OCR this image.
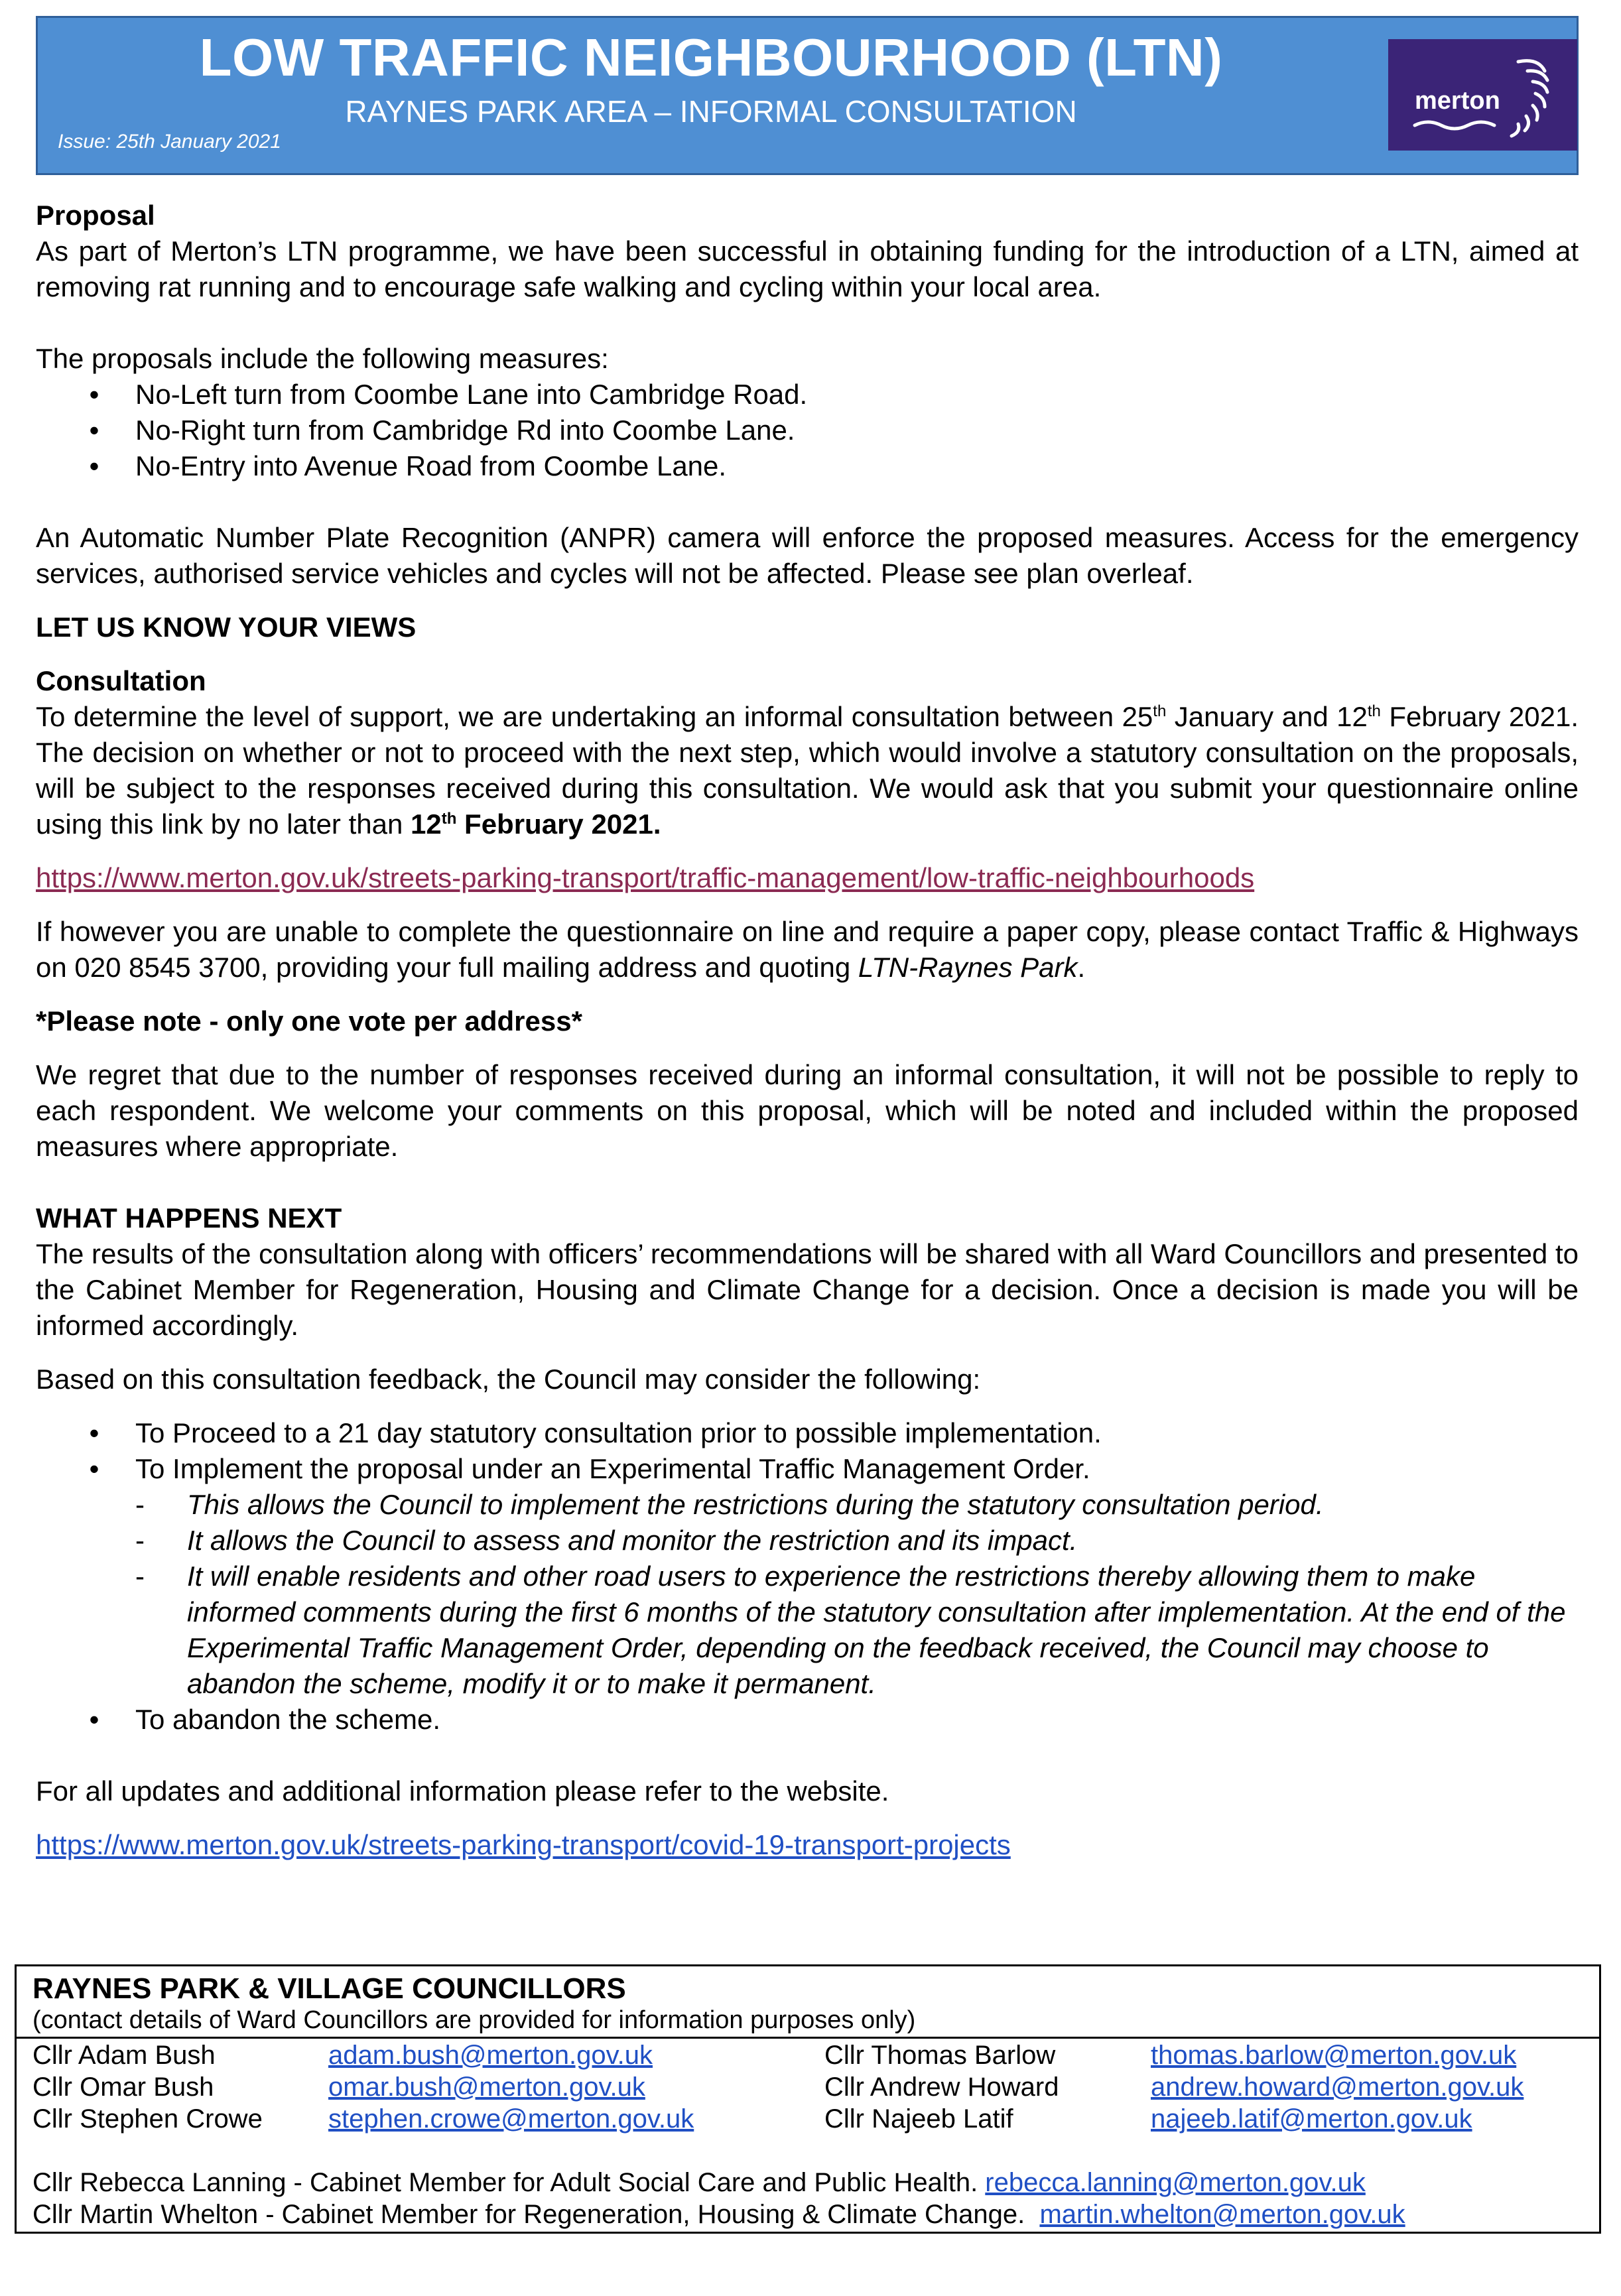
LOW TRAFFIC NEIGHBOURHOOD (LTN)
RAYNES PARK AREA – INFORMAL CONSULTATION
Issue: 25th January 2021
merton

Proposal

As part of Merton’s LTN programme, we have been successful in obtaining funding for the introduction of a LTN, aimed at removing rat running and to encourage safe walking and cycling within your local area.

The proposals include the following measures:

• No-Left turn from Coombe Lane into Cambridge Road.
• No-Right turn from Cambridge Rd into Coombe Lane.
• No-Entry into Avenue Road from Coombe Lane.

An Automatic Number Plate Recognition (ANPR) camera will enforce the proposed measures. Access for the emergency services, authorised service vehicles and cycles will not be affected. Please see plan overleaf.

LET US KNOW YOUR VIEWS

Consultation

To determine the level of support, we are undertaking an informal consultation between 25th January and 12th February 2021. The decision on whether or not to proceed with the next step, which would involve a statutory consultation on the proposals, will be subject to the responses received during this consultation. We would ask that you submit your questionnaire online using this link by no later than 12th February 2021.

https://www.merton.gov.uk/streets-parking-transport/traffic-management/low-traffic-neighbourhoods

If however you are unable to complete the questionnaire on line and require a paper copy, please contact Traffic & Highways on 020 8545 3700, providing your full mailing address and quoting LTN-Raynes Park.

*Please note - only one vote per address*

We regret that due to the number of responses received during an informal consultation, it will not be possible to reply to each respondent. We welcome your comments on this proposal, which will be noted and included within the proposed measures where appropriate.

WHAT HAPPENS NEXT

The results of the consultation along with officers’ recommendations will be shared with all Ward Councillors and presented to the Cabinet Member for Regeneration, Housing and Climate Change for a decision. Once a decision is made you will be informed accordingly.

Based on this consultation feedback, the Council may consider the following:

• To Proceed to a 21 day statutory consultation prior to possible implementation.
• To Implement the proposal under an Experimental Traffic Management Order.
- This allows the Council to implement the restrictions during the statutory consultation period.
- It allows the Council to assess and monitor the restriction and its impact.
- It will enable residents and other road users to experience the restrictions thereby allowing them to make informed comments during the first 6 months of the statutory consultation after implementation. At the end of the Experimental Traffic Management Order, depending on the feedback received, the Council may choose to abandon the scheme, modify it or to make it permanent.
• To abandon the scheme.

For all updates and additional information please refer to the website.

https://www.merton.gov.uk/streets-parking-transport/covid-19-transport-projects

RAYNES PARK & VILLAGE COUNCILLORS
(contact details of Ward Councillors are provided for information purposes only)
Cllr Adam Bush	adam.bush@merton.gov.uk	Cllr Thomas Barlow	thomas.barlow@merton.gov.uk
Cllr Omar Bush	omar.bush@merton.gov.uk	Cllr Andrew Howard	andrew.howard@merton.gov.uk
Cllr Stephen Crowe stephen.crowe@merton.gov.uk	Cllr Najeeb Latif	najeeb.latif@merton.gov.uk
Cllr Rebecca Lanning - Cabinet Member for Adult Social Care and Public Health. rebecca.lanning@merton.gov.uk
Cllr Martin Whelton - Cabinet Member for Regeneration, Housing & Climate Change.  martin.whelton@merton.gov.uk
